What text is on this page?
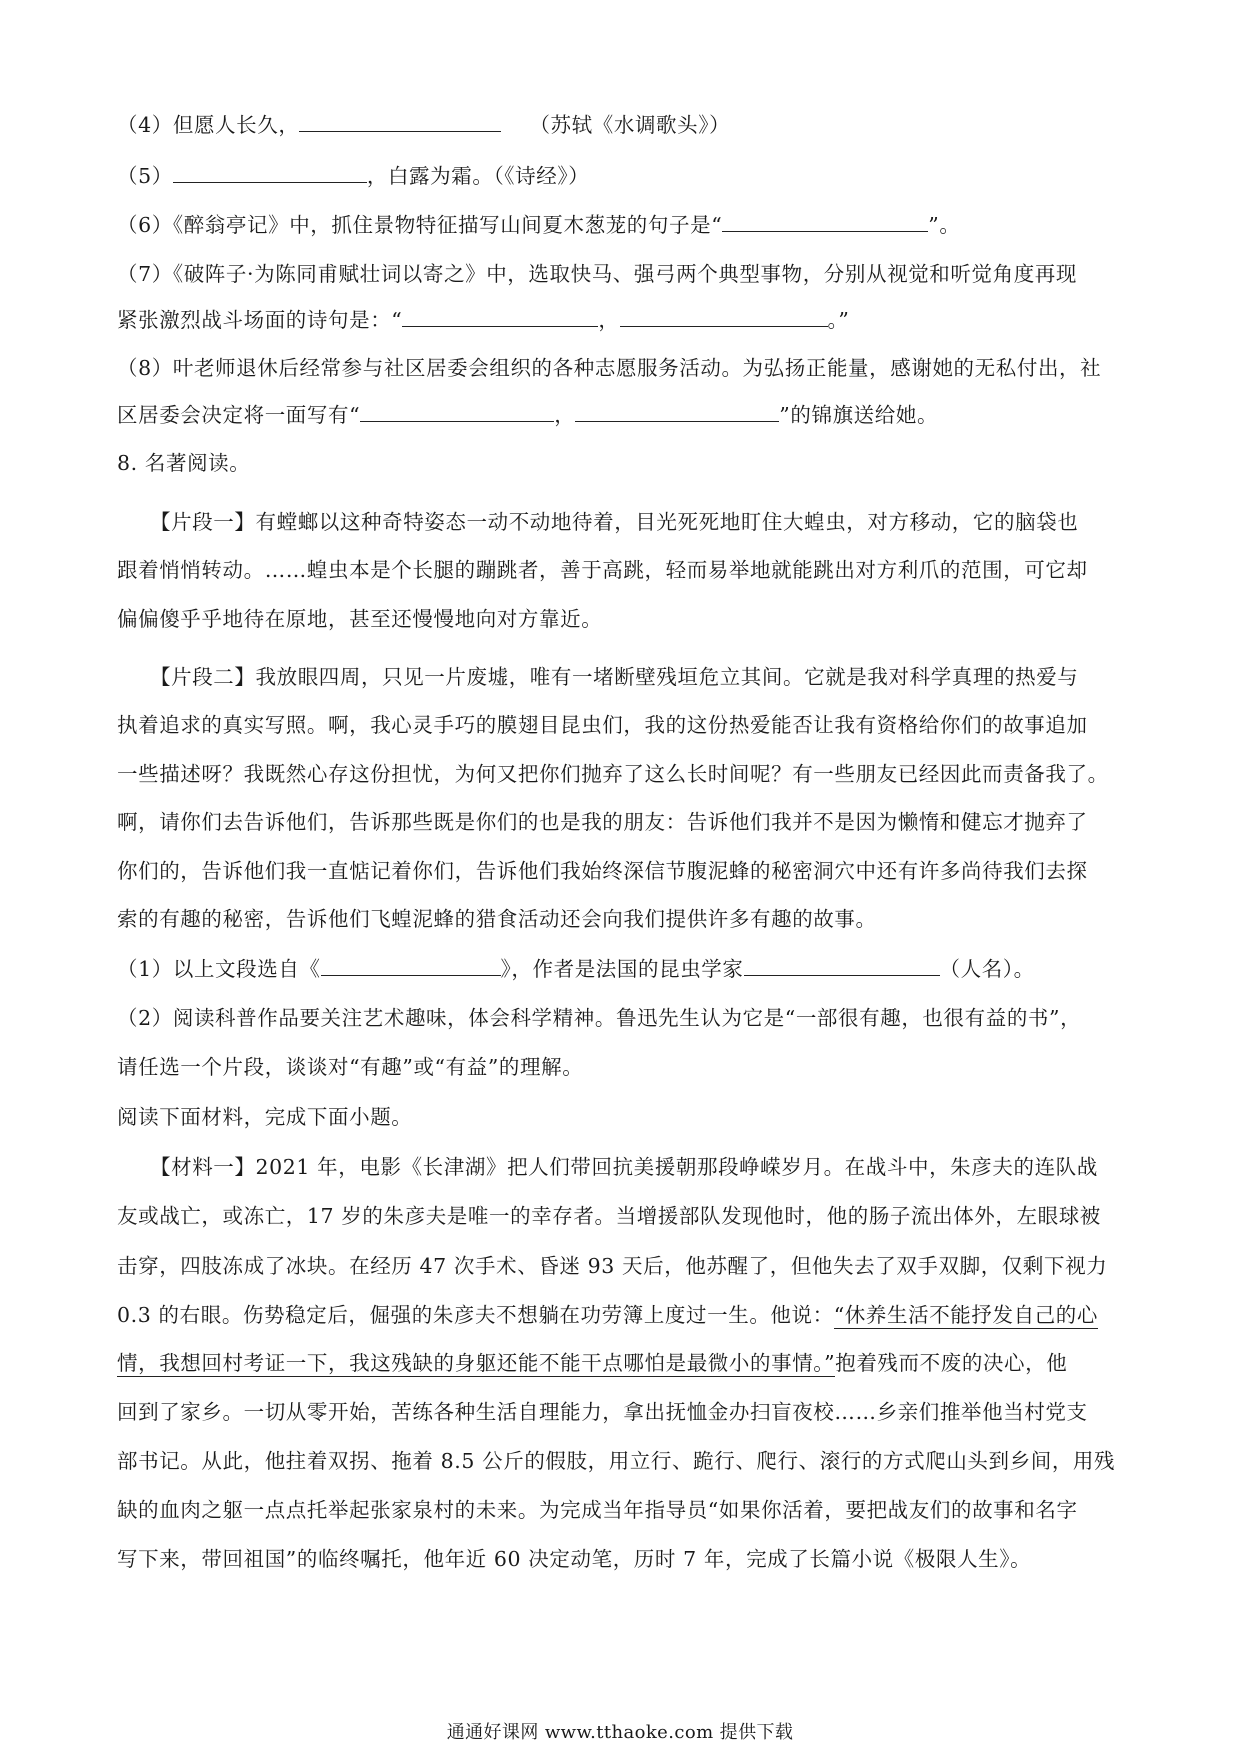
（4）但愿人长久，	（苏轼《水调歌头》）
（5）	，白露为霜。（《诗经》）
（6）《醉翁亭记》中，抓住景物特征描写山间夏木葱茏的句子是“	”。
（7）《破阵子·为陈同甫赋壮词以寄之》中，选取快马、强弓两个典型事物，分别从视觉和听觉角度再现
紧张激烈战斗场面的诗句是：“	，	。”
（8）叶老师退休后经常参与社区居委会组织的各种志愿服务活动。为弘扬正能量，感谢她的无私付出，社
区居委会决定将一面写有“	，	”的锦旗送给她。
8. 名著阅读。
【片段一】有螳螂以这种奇特姿态一动不动地待着，目光死死地盯住大蝗虫，对方移动，它的脑袋也
跟着悄悄转动。……蝗虫本是个长腿的蹦跳者，善于高跳，轻而易举地就能跳出对方利爪的范围，可它却
偏偏傻乎乎地待在原地，甚至还慢慢地向对方靠近。
【片段二】我放眼四周，只见一片废墟，唯有一堵断壁残垣危立其间。它就是我对科学真理的热爱与
执着追求的真实写照。啊，我心灵手巧的膜翅目昆虫们，我的这份热爱能否让我有资格给你们的故事追加
一些描述呀？我既然心存这份担忧，为何又把你们抛弃了这么长时间呢？有一些朋友已经因此而责备我了。
啊，请你们去告诉他们，告诉那些既是你们的也是我的朋友：告诉他们我并不是因为懒惰和健忘才抛弃了
你们的，告诉他们我一直惦记着你们，告诉他们我始终深信节腹泥蜂的秘密洞穴中还有许多尚待我们去探
索的有趣的秘密，告诉他们飞蝗泥蜂的猎食活动还会向我们提供许多有趣的故事。
（1）以上文段选自《	》，作者是法国的昆虫学家	（人名）。
（2）阅读科普作品要关注艺术趣味，体会科学精神。鲁迅先生认为它是“一部很有趣，也很有益的书”，
请任选一个片段，谈谈对“有趣”或“有益”的理解。
阅读下面材料，完成下面小题。
【材料一】2021 年，电影《长津湖》把人们带回抗美援朝那段峥嵘岁月。在战斗中，朱彦夫的连队战
友或战亡，或冻亡，17 岁的朱彦夫是唯一的幸存者。当增援部队发现他时，他的肠子流出体外，左眼球被
击穿，四肢冻成了冰块。在经历 47 次手术、昏迷 93 天后，他苏醒了，但他失去了双手双脚，仅剩下视力
0.3 的右眼。伤势稳定后，倔强的朱彦夫不想躺在功劳簿上度过一生。他说：“休养生活不能抒发自己的心
情，我想回村考证一下，我这残缺的身躯还能不能干点哪怕是最微小的事情。”抱着残而不废的决心，他
回到了家乡。一切从零开始，苦练各种生活自理能力，拿出抚恤金办扫盲夜校……乡亲们推举他当村党支
部书记。从此，他拄着双拐、拖着 8.5 公斤的假肢，用立行、跪行、爬行、滚行的方式爬山头到乡间，用残
缺的血肉之躯一点点托举起张家泉村的未来。为完成当年指导员“如果你活着，要把战友们的故事和名字
写下来，带回祖国”的临终嘱托，他年近 60 决定动笔，历时 7 年，完成了长篇小说《极限人生》。
通通好课网 www.tthaoke.com 提供下载
